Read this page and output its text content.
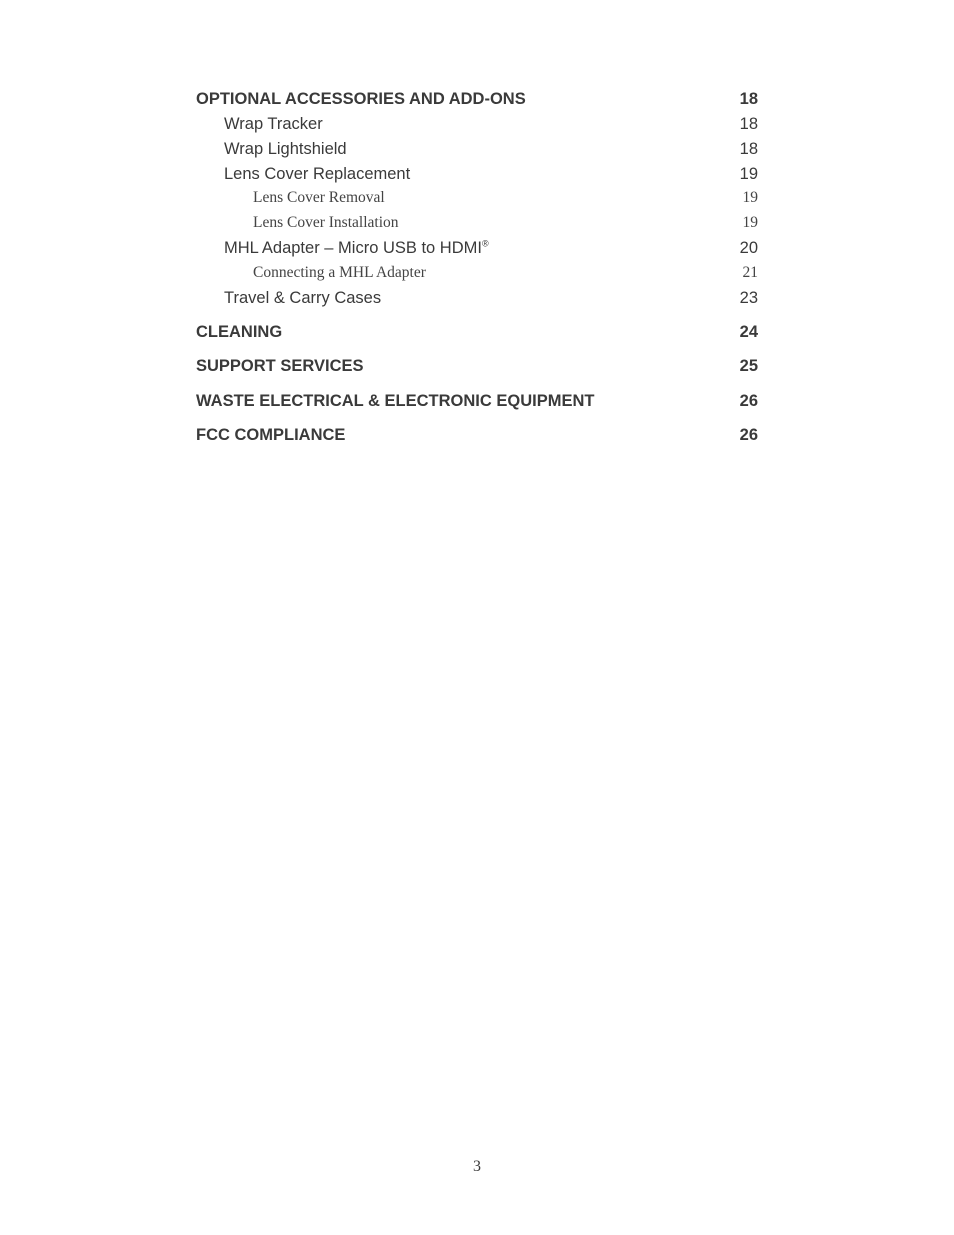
OPTIONAL ACCESSORIES AND ADD-ONS	18
Wrap Tracker	18
Wrap Lightshield	18
Lens Cover Replacement	19
Lens Cover Removal	19
Lens Cover Installation	19
MHL Adapter – Micro USB to HDMI®	20
Connecting a MHL Adapter	21
Travel & Carry Cases	23
CLEANING	24
SUPPORT SERVICES	25
WASTE ELECTRICAL & ELECTRONIC EQUIPMENT	26
FCC COMPLIANCE	26
3
